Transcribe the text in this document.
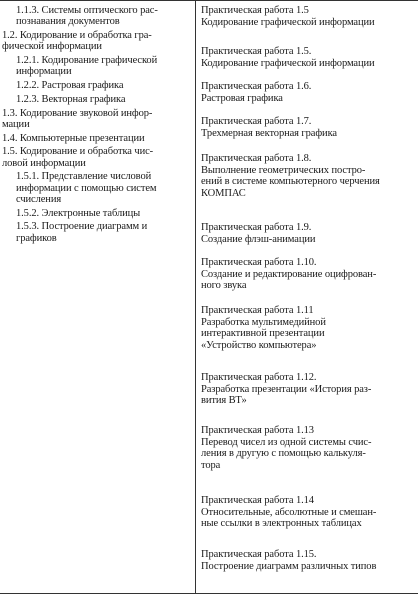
1.1.3. Системы оптического рас-
познавания документов
1.2. Кодирование и обработка гра-
фической информации
1.2.1. Кодирование графической
информации
1.2.2. Растровая графика
1.2.3. Векторная графика
1.3. Кодирование звуковой инфор-
мации
1.4. Компьютерные презентации
1.5. Кодирование и обработка чис-
ловой информации
1.5.1. Представление числовой
информации с помощью систем
счисления
1.5.2. Электронные таблицы
1.5.3. Построение диаграмм и
графиков
Практическая работа 1.5
Кодирование графической информации
Практическая работа 1.5.
Кодирование графической информации
Практическая работа 1.6.
Растровая графика
Практическая работа 1.7.
Трехмерная векторная графика
Практическая работа 1.8.
Выполнение геометрических постро-
ений в системе компьютерного черчения
КОМПАС
Практическая работа 1.9.
Создание флэш-анимации
Практическая работа 1.10.
Создание и редактирование оцифрован-
ного звука
Практическая работа 1.11
Разработка мультимедийной
интерактивной презентации
«Устройство компьютера»
Практическая работа 1.12.
Разработка презентации «История раз-
вития ВТ»
Практическая работа 1.13
Перевод чисел из одной системы счис-
ления в другую с помощью калькуля-
тора
Практическая работа 1.14
Относительные, абсолютные и смешан-
ные ссылки в электронных таблицах
Практическая работа 1.15.
Построение диаграмм различных типов
